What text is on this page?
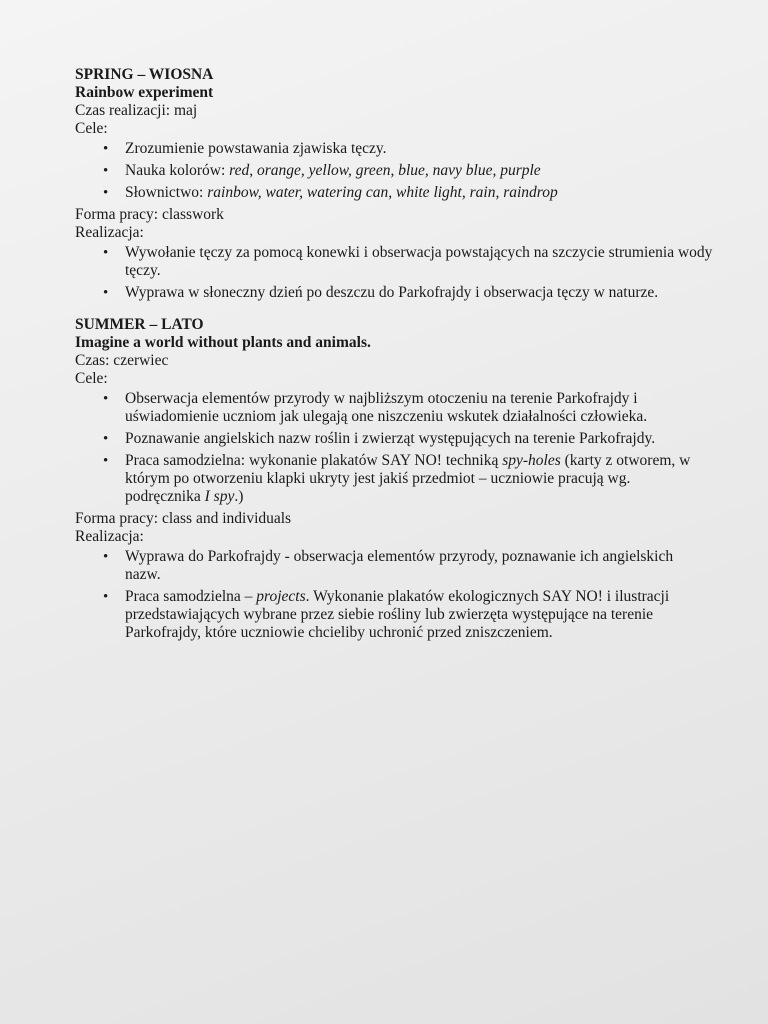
SPRING – WIOSNA

Rainbow experiment

Czas realizacji: maj

Cele:

• Zrozumienie powstawania zjawiska tęczy.
• Nauka kolorów: red, orange, yellow, green, blue, navy blue, purple
• Słownictwo: rainbow, water, watering can, white light, rain, raindrop

Forma pracy: classwork

Realizacja:

• Wywołanie tęczy za pomocą konewki i obserwacja powstających na szczycie strumienia wody tęczy.
• Wyprawa w słoneczny dzień po deszczu do Parkofrajdy i obserwacja tęczy w naturze.

SUMMER – LATO

Imagine a world without plants and animals.

Czas: czerwiec

Cele:

• Obserwacja elementów przyrody w najbliższym otoczeniu na terenie Parkofrajdy i uświadomienie uczniom jak ulegają one niszczeniu wskutek działalności człowieka.
• Poznawanie angielskich nazw roślin i zwierząt występujących na terenie Parkofrajdy.
• Praca samodzielna: wykonanie plakatów SAY NO! techniką spy-holes (karty z otworem, w którym po otworzeniu klapki ukryty jest jakiś przedmiot – uczniowie pracują wg. podręcznika I spy.)

Forma pracy: class and individuals

Realizacja:

• Wyprawa do Parkofrajdy - obserwacja elementów przyrody, poznawanie ich angielskich nazw.
• Praca samodzielna – projects. Wykonanie plakatów ekologicznych SAY NO! i ilustracji przedstawiających wybrane przez siebie rośliny lub zwierzęta występujące na terenie Parkofrajdy, które uczniowie chcieliby uchronić przed zniszczeniem.
